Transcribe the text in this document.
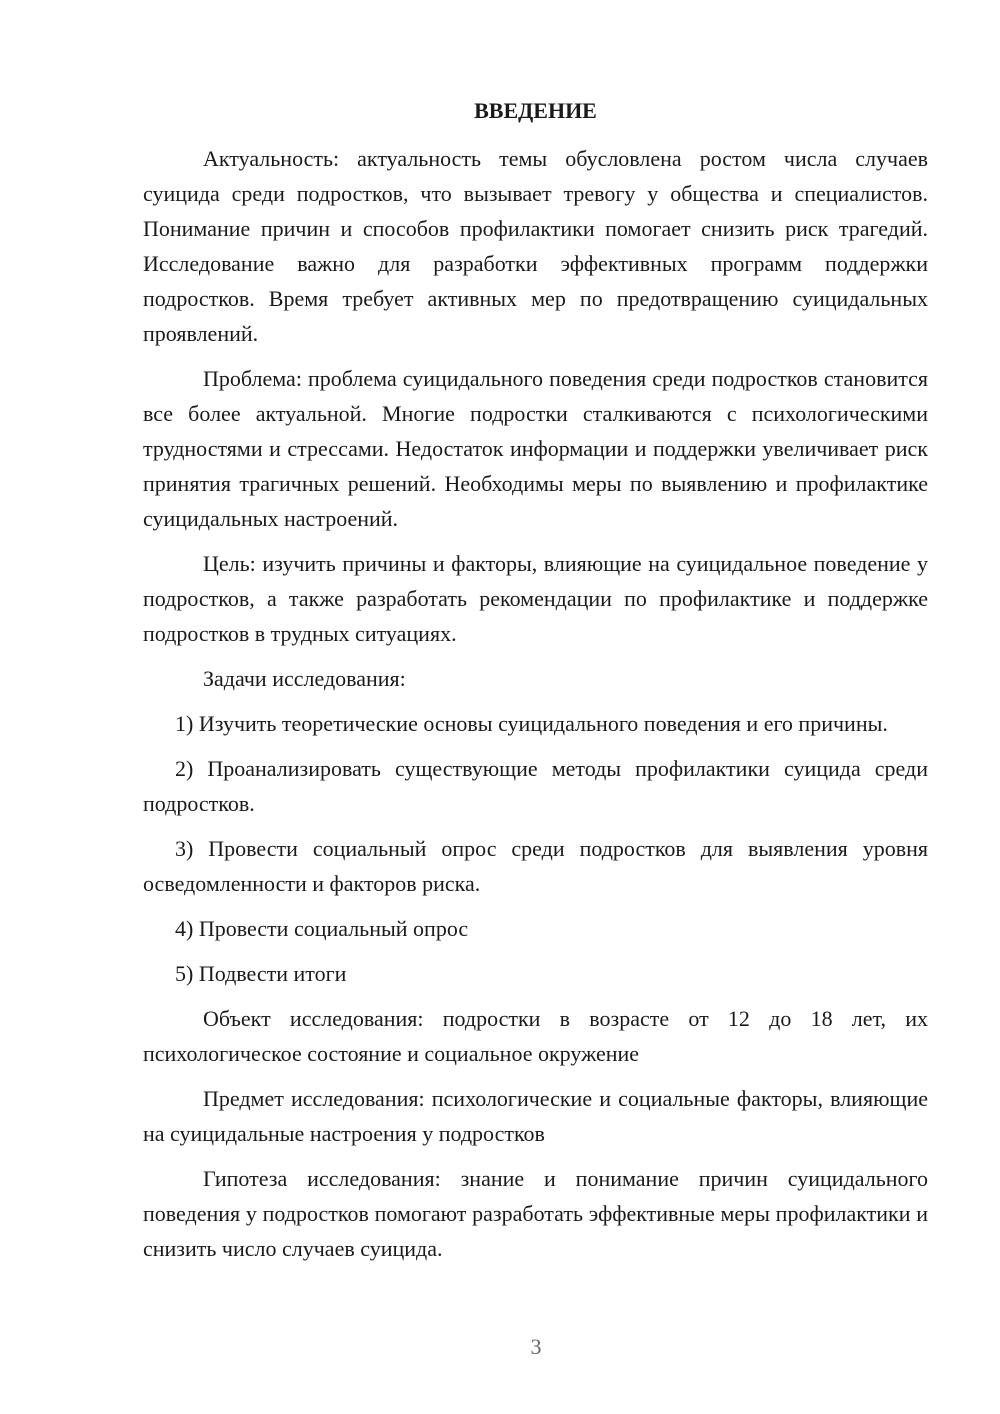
ВВЕДЕНИЕ

Актуальность: актуальность темы обусловлена ростом числа случаев суицида среди подростков, что вызывает тревогу у общества и специалистов. Понимание причин и способов профилактики помогает снизить риск трагедий. Исследование важно для разработки эффективных программ поддержки подростков. Время требует активных мер по предотвращению суицидальных проявлений.

Проблема: проблема суицидального поведения среди подростков становится все более актуальной. Многие подростки сталкиваются с психологическими трудностями и стрессами. Недостаток информации и поддержки увеличивает риск принятия трагичных решений. Необходимы меры по выявлению и профилактике суицидальных настроений.

Цель: изучить причины и факторы, влияющие на суицидальное поведение у подростков, а также разработать рекомендации по профилактике и поддержке подростков в трудных ситуациях.

Задачи исследования:

1) Изучить теоретические основы суицидального поведения и его причины.
2) Проанализировать существующие методы профилактики суицида среди подростков.
3) Провести социальный опрос среди подростков для выявления уровня осведомленности и факторов риска.
4) Провести социальный опрос
5) Подвести итоги

Объект исследования: подростки в возрасте от 12 до 18 лет, их психологическое состояние и социальное окружение

Предмет исследования: психологические и социальные факторы, влияющие на суицидальные настроения у подростков

Гипотеза исследования: знание и понимание причин суицидального поведения у подростков помогают разработать эффективные меры профилактики и снизить число случаев суицида.

3
